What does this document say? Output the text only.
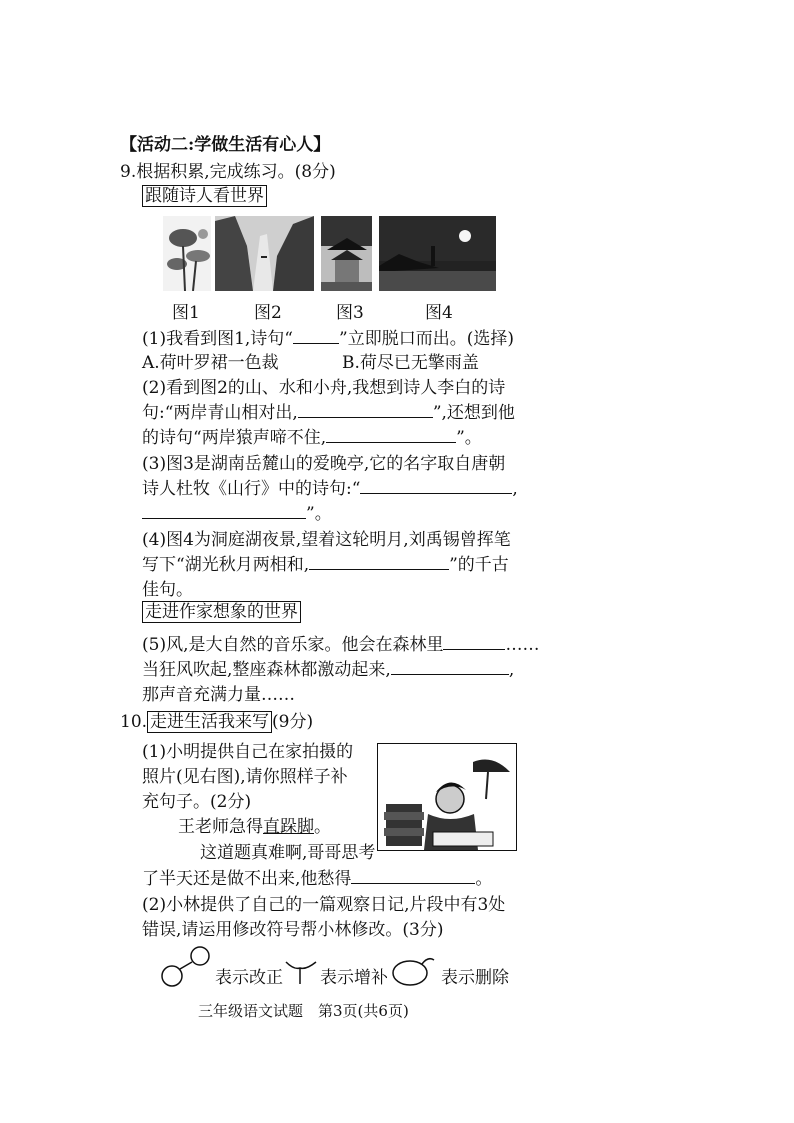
【活动二:学做生活有心人】
9.根据积累,完成练习。(8分)
跟随诗人看世界
图1	图2	图3	图4
(1)我看到图1,诗句“	”立即脱口而出。(选择)
A.荷叶罗裙一色裁	B.荷尽已无擎雨盖
(2)看到图2的山、水和小舟,我想到诗人李白的诗
句:“两岸青山相对出,	”,还想到他
的诗句“两岸猿声啼不住,	”。
(3)图3是湖南岳麓山的爱晚亭,它的名字取自唐朝
诗人杜牧《山行》中的诗句:“	,
”。
(4)图4为洞庭湖夜景,望着这轮明月,刘禹锡曾挥笔
写下“湖光秋月两相和,	”的千古
佳句。
走进作家想象的世界
(5)风,是大自然的音乐家。他会在森林里	……
当狂风吹起,整座森林都激动起来,	,
那声音充满力量……
10. 走进生活我来写 (9分)
(1)小明提供自己在家拍摄的
照片(见右图),请你照样子补
充句子。(2分)
王老师急得直跺脚。
这道题真难啊,哥哥思考
了半天还是做不出来,他愁得	。
(2)小林提供了自己的一篇观察日记,片段中有3处
错误,请运用修改符号帮小林修改。(3分)
表示改正 表示增补	表示删除
三年级语文试题　第3页(共6页)
